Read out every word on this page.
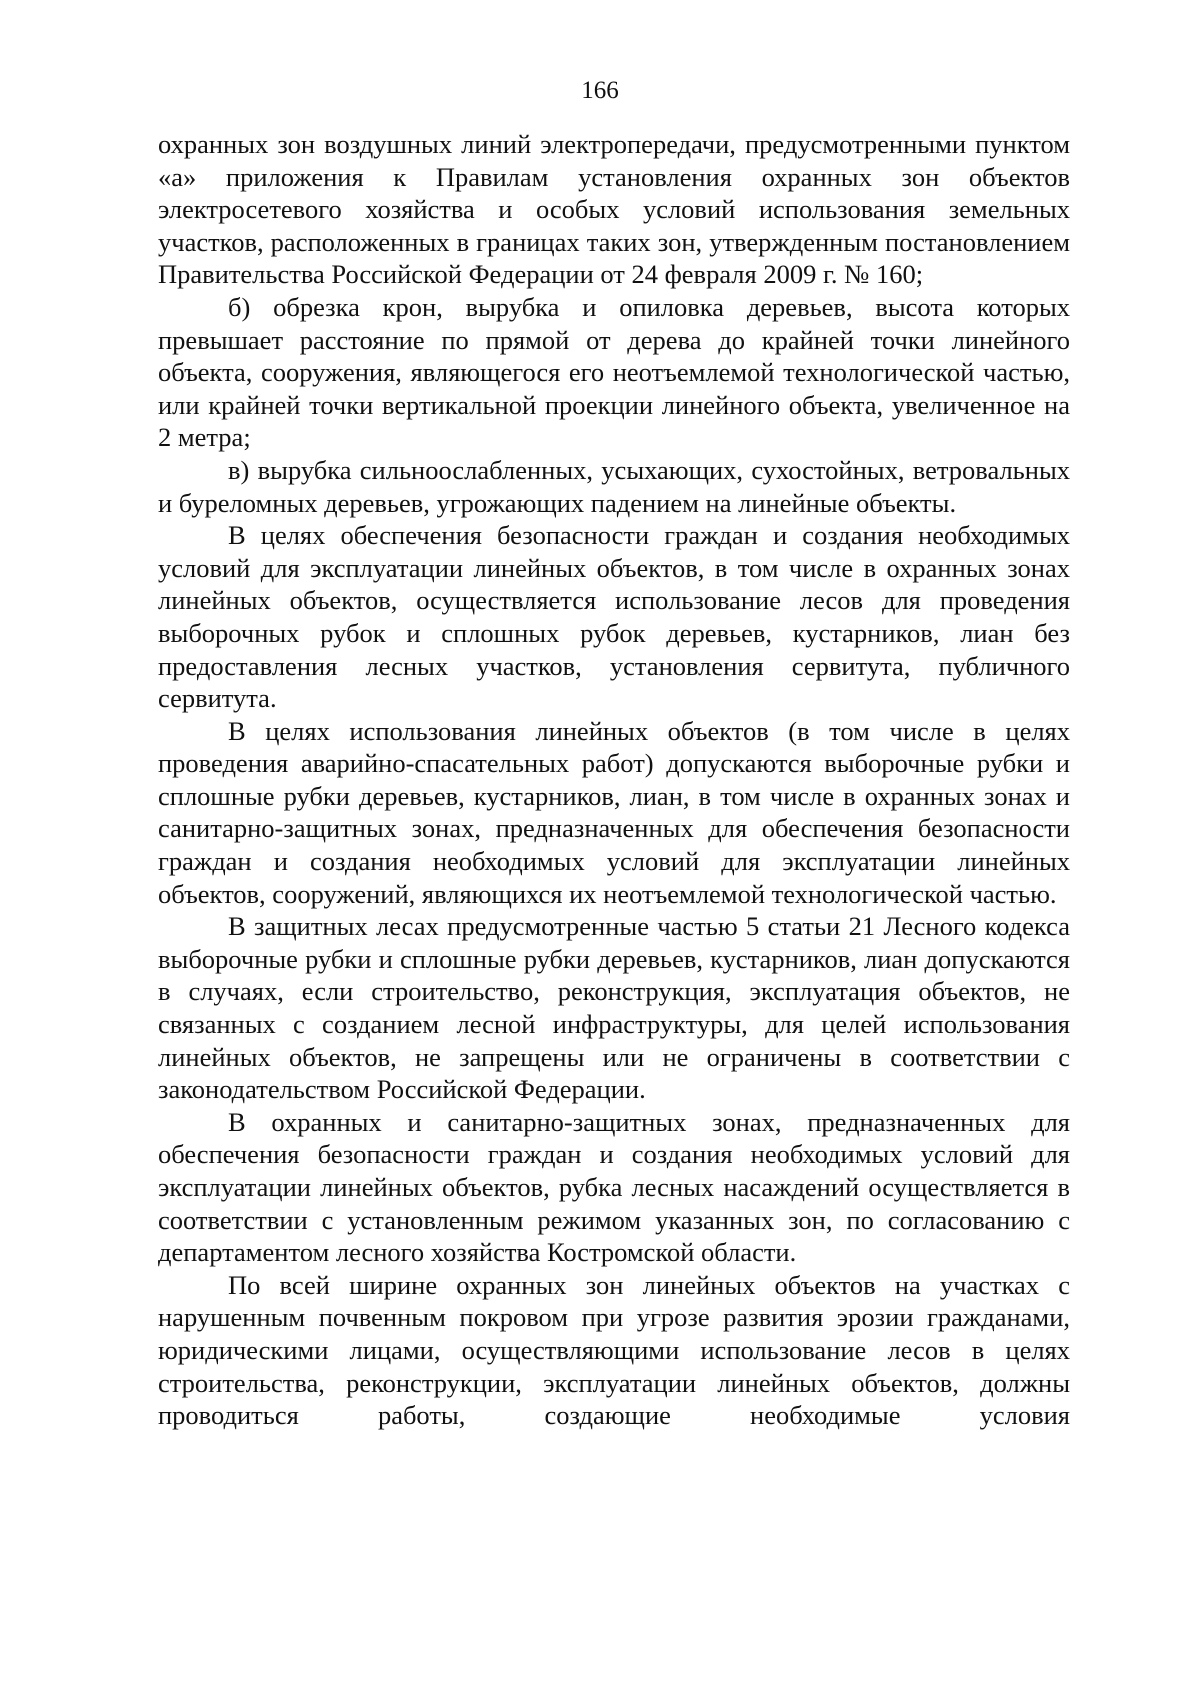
166

охранных зон воздушных линий электропередачи, предусмотренными пунктом «а» приложения к Правилам установления охранных зон объектов электросетевого хозяйства и особых условий использования земельных участков, расположенных в границах таких зон, утвержденным постановлением Правительства Российской Федерации от 24 февраля 2009 г. № 160;

б) обрезка крон, вырубка и опиловка деревьев, высота которых превышает расстояние по прямой от дерева до крайней точки линейного объекта, сооружения, являющегося его неотъемлемой технологической частью, или крайней точки вертикальной проекции линейного объекта, увеличенное на 2 метра;

в) вырубка сильноослабленных, усыхающих, сухостойных, ветровальных и буреломных деревьев, угрожающих падением на линейные объекты.

В целях обеспечения безопасности граждан и создания необходимых условий для эксплуатации линейных объектов, в том числе в охранных зонах линейных объектов, осуществляется использование лесов для проведения выборочных рубок и сплошных рубок деревьев, кустарников, лиан без предоставления лесных участков, установления сервитута, публичного сервитута.

В целях использования линейных объектов (в том числе в целях проведения аварийно-спасательных работ) допускаются выборочные рубки и сплошные рубки деревьев, кустарников, лиан, в том числе в охранных зонах и санитарно-защитных зонах, предназначенных для обеспечения безопасности граждан и создания необходимых условий для эксплуатации линейных объектов, сооружений, являющихся их неотъемлемой технологической частью.

В защитных лесах предусмотренные частью 5 статьи 21 Лесного кодекса выборочные рубки и сплошные рубки деревьев, кустарников, лиан допускаются в случаях, если строительство, реконструкция, эксплуатация объектов, не связанных с созданием лесной инфраструктуры, для целей использования линейных объектов, не запрещены или не ограничены в соответствии с законодательством Российской Федерации.

В охранных и санитарно-защитных зонах, предназначенных для обеспечения безопасности граждан и создания необходимых условий для эксплуатации линейных объектов, рубка лесных насаждений осуществляется в соответствии с установленным режимом указанных зон, по согласованию с департаментом лесного хозяйства Костромской области.

По всей ширине охранных зон линейных объектов на участках с нарушенным почвенным покровом при угрозе развития эрозии гражданами, юридическими лицами, осуществляющими использование лесов в целях строительства, реконструкции, эксплуатации линейных объектов, должны проводиться работы, создающие необходимые условия
